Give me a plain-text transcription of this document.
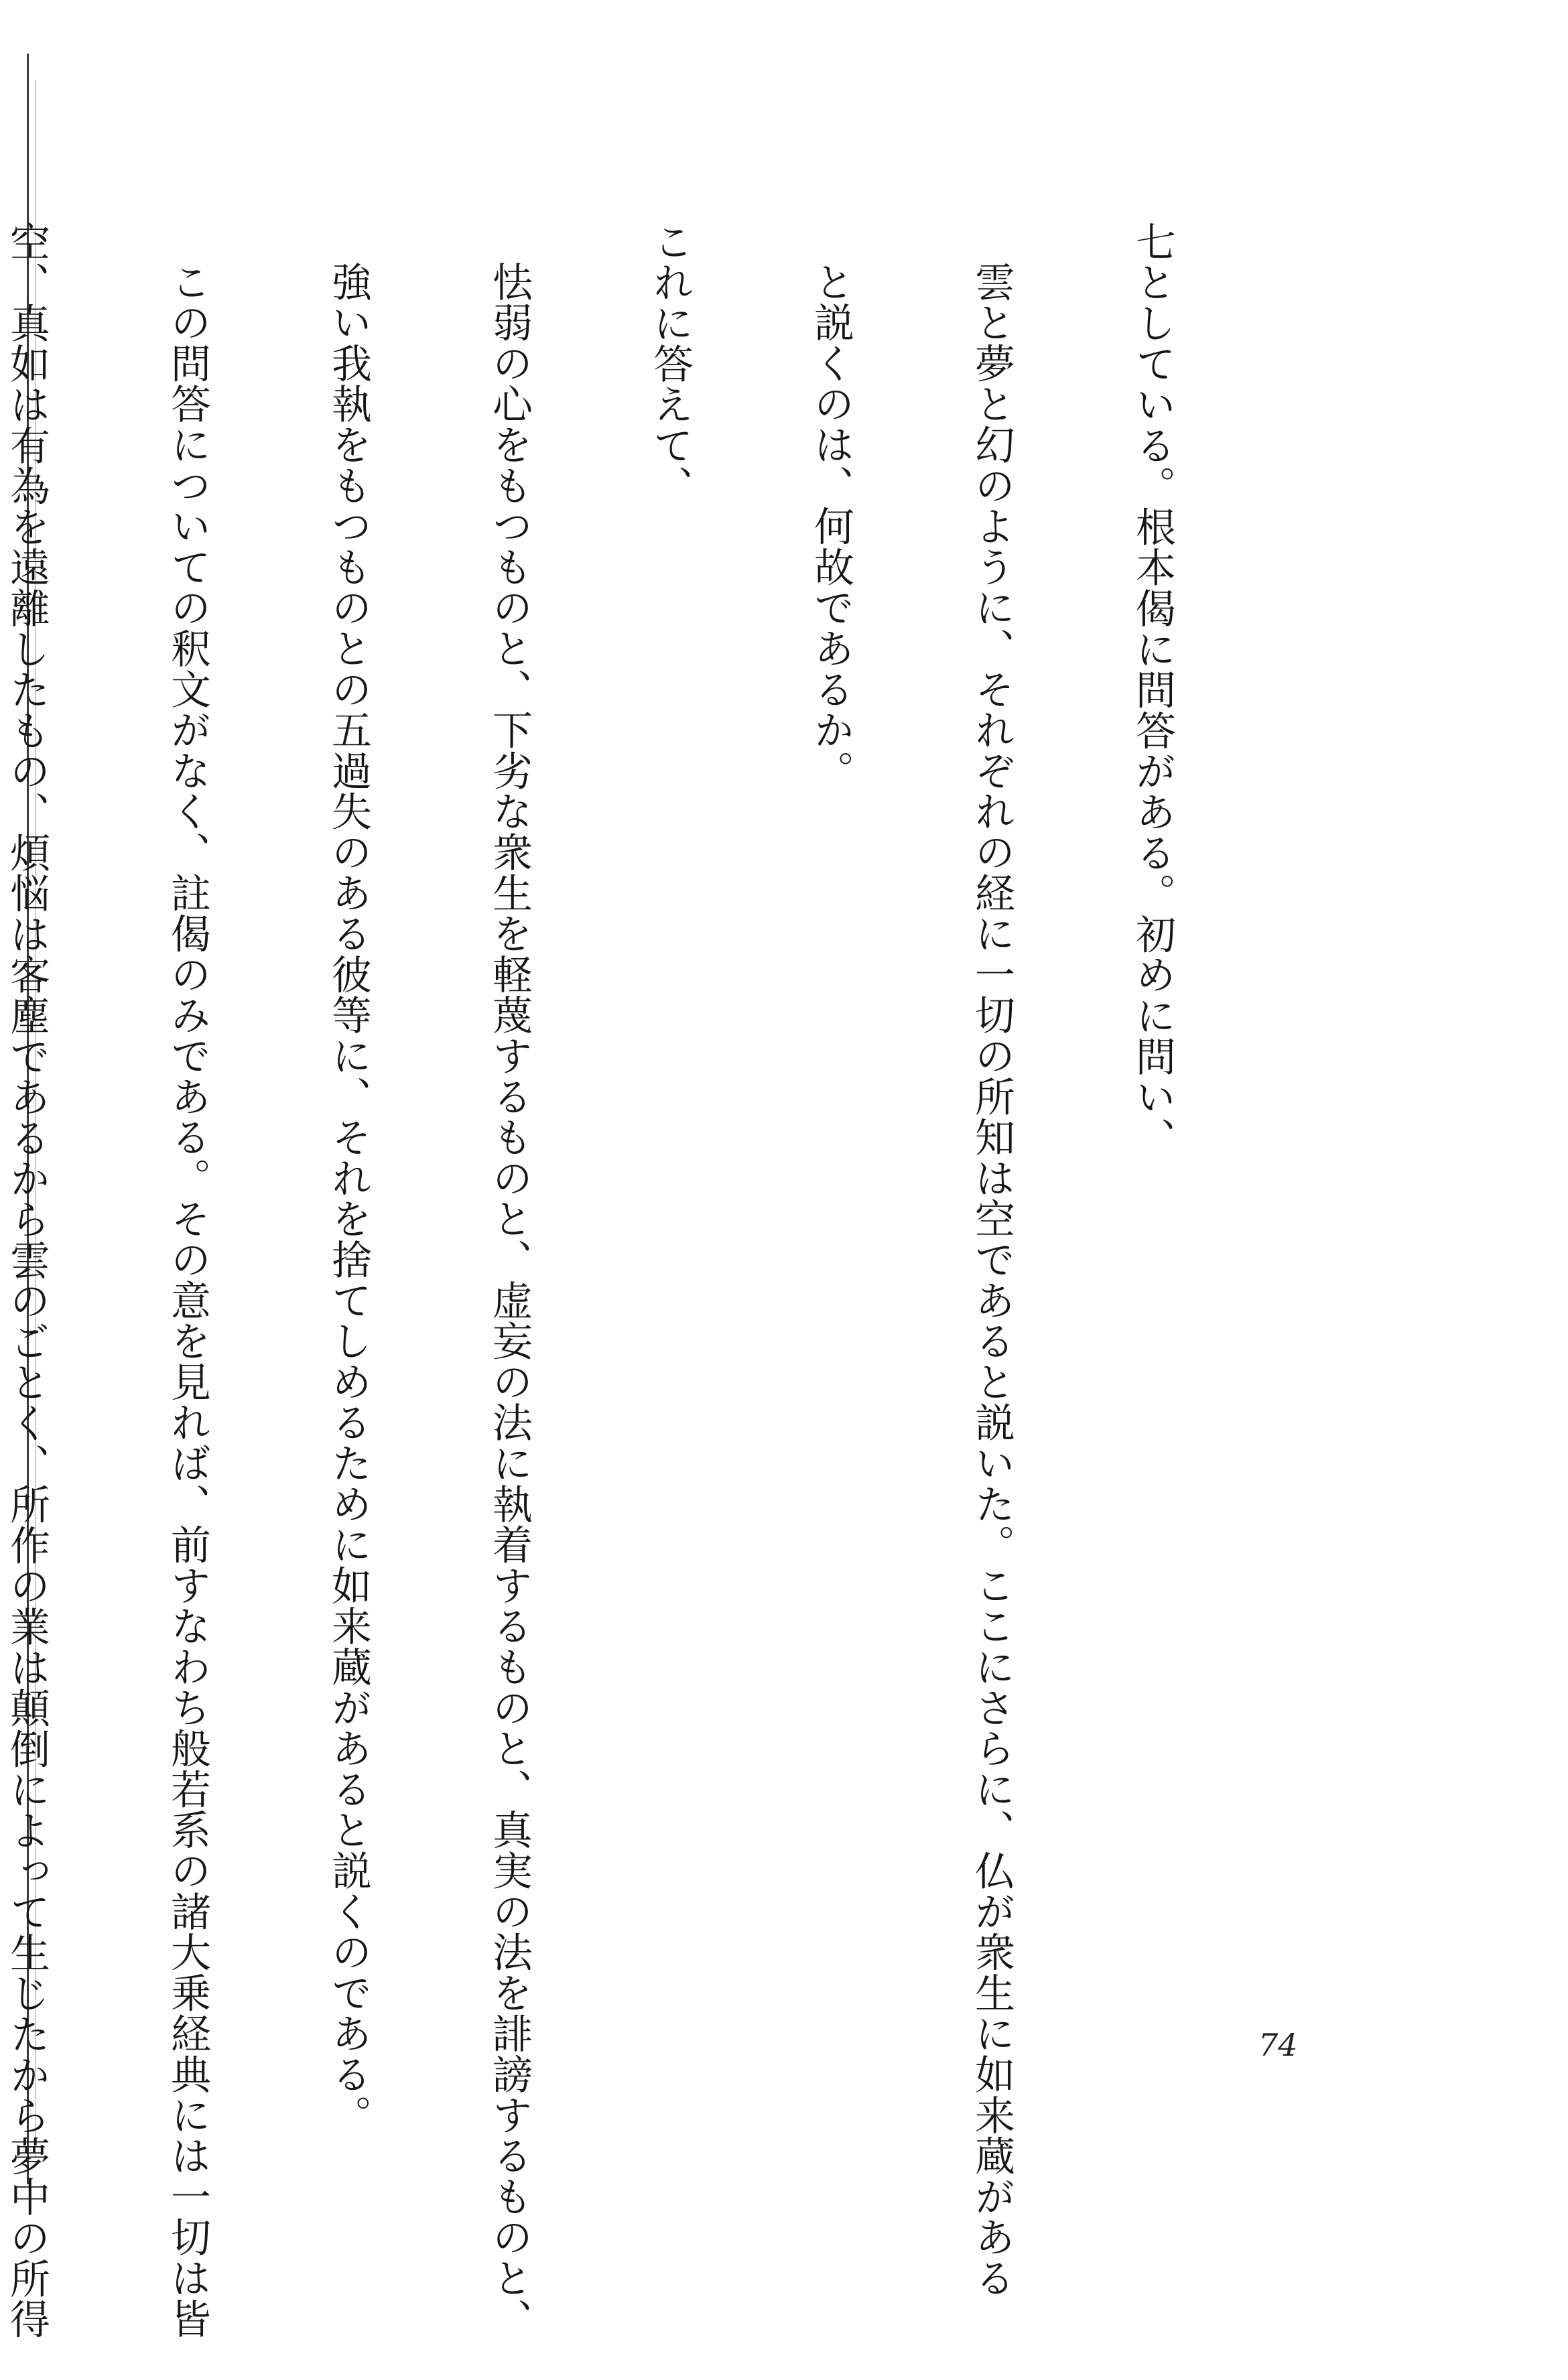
七としている。根本偈に問答がある。初めに問い、

雲と夢と幻のように、それぞれの経に一切の所知は空であると説いた。ここにさらに、仏が衆生に如来蔵がある

と説くのは、何故であるか。

これに答えて、

怯弱の心をもつものと、下劣な衆生を軽蔑するものと、虚妄の法に執着するものと、真実の法を誹謗するものと、

強い我執をもつものとの五過失のある彼等に、それを捨てしめるために如来蔵があると説くのである。

この問答についての釈文がなく、註偈のみである。その意を見れば、前すなわち般若系の諸大乗経典には一切は皆

空、真如は有為を遠離したもの、煩悩は客塵であるから雲のごとく、所作の業は顛倒によって生じたから夢中の所得

	74
